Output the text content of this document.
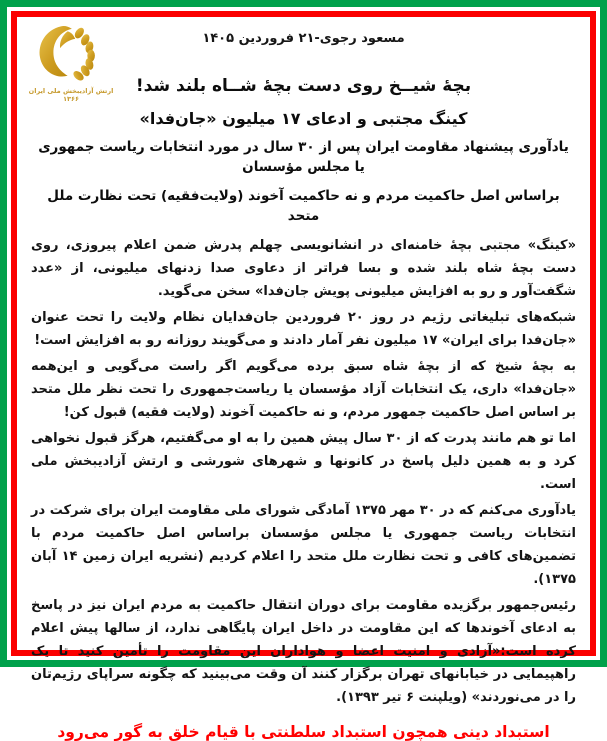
ارتش آزادیبخش ملی ایران
۱۳۶۶
مسعود رجوی-۲۱ فروردین ۱۴۰۵
بچهٔ شیــخ روی دست بچهٔ شــاه بلند شد!
کینگ مجتبی و ادعای ۱۷ میلیون «جان‌فدا»
یادآوری پیشنهاد مقاومت ایران پس از ۳۰ سال در مورد انتخابات ریاست جمهوری یا مجلس مؤسسان
براساس اصل حاکمیت مردم و نه حاکمیت آخوند (ولایت‌فقیه) تحت نظارت ملل متحد

«کینگ» مجتبی بچهٔ خامنه‌ای در انشانویسی چهلم پدرش ضمن اعلام پیروزی، روی دست بچهٔ شاه بلند شده و بسا فراتر از دعاوی صدا زدنهای میلیونی، از «عدد شگفت‌آور و رو به افزایش میلیونی پویش جان‌فدا» سخن می‌گوید.

شبکه‌های تبلیغاتی رژیم در روز ۲۰ فروردین جان‌فدایان نظام ولایت را تحت عنوان «جان‌فدا برای ایران» ۱۷ میلیون نفر آمار دادند و می‌گویند روزانه رو به افزایش است!

به بچهٔ شیخ که از بچهٔ شاه سبق برده می‌گویم اگر راست می‌گویی و این‌همه «جان‌فدا» داری، یک انتخابات آزاد مؤسسان یا ریاست‌جمهوری را تحت نظر ملل متحد بر اساس اصل حاکمیت جمهور مردم، و نه حاکمیت آخوند (ولایت فقیه) قبول کن!

اما تو هم مانند پدرت که از ۳۰ سال پیش همین را به او می‌گفتیم، هرگز قبول نخواهی کرد و به همین دلیل پاسخ در کانونها و شهرهای شورشی و ارتش آزادیبخش ملی است.

یادآوری می‌کنم که در ۳۰ مهر ۱۳۷۵ آمادگی شورای ملی مقاومت ایران برای شرکت در انتخابات ریاست جمهوری یا مجلس مؤسسان براساس اصل حاکمیت مردم با تضمین‌های کافی و تحت نظارت ملل متحد را اعلام کردیم (نشریه ایران زمین ۱۴ آبان ۱۳۷۵).

رئیس‌جمهور برگزیده مقاومت برای دوران انتقال حاکمیت به مردم ایران نیز در پاسخ به ادعای آخوندها که این مقاومت در داخل ایران پایگاهی ندارد، از سالها پیش اعلام کرده است:«آزادی و امنیت اعضا و هواداران این مقاومت را تأمین کنید تا یک راهپیمایی در خیابانهای تهران برگزار کنند آن وقت می‌بینید که چگونه سراپای رژیم‌تان را در می‌نوردند» (ویلپنت ۶ تیر ۱۳۹۳).

استبداد دینی همچون استبداد سلطنتی با قیام خلق به گور می‌رود
